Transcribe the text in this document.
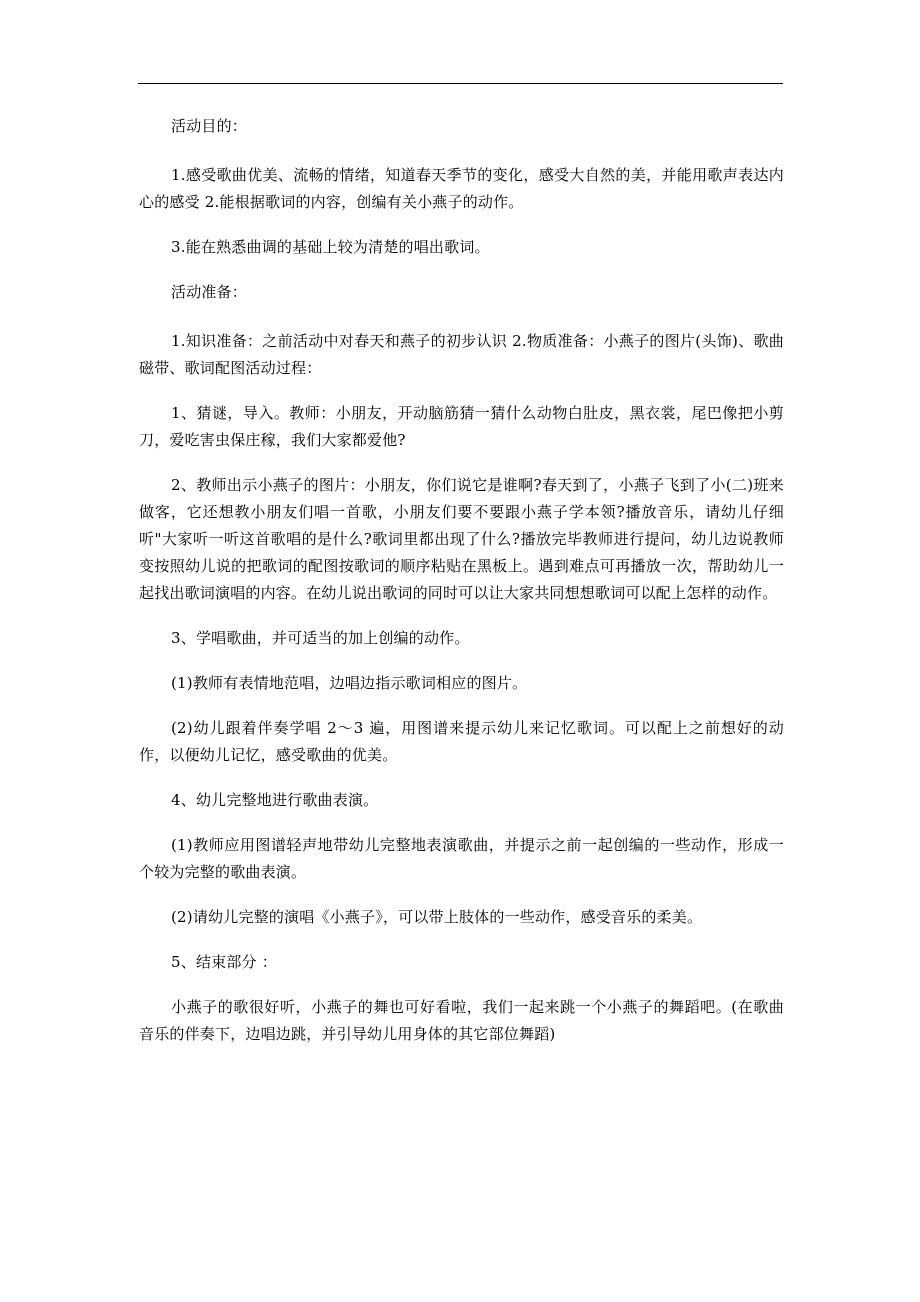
活动目的：

1.感受歌曲优美、流畅的情绪，知道春天季节的变化，感受大自然的美，并能用歌声表达内心的感受 2.能根据歌词的内容，创编有关小燕子的动作。

3.能在熟悉曲调的基础上较为清楚的唱出歌词。

活动准备：

1.知识准备：之前活动中对春天和燕子的初步认识 2.物质准备：小燕子的图片(头饰)、歌曲磁带、歌词配图活动过程：

1、猜谜，导入。教师：小朋友，开动脑筋猜一猜什么动物白肚皮，黑衣裳，尾巴像把小剪刀，爱吃害虫保庄稼，我们大家都爱他?

2、教师出示小燕子的图片：小朋友，你们说它是谁啊?春天到了，小燕子飞到了小(二)班来做客，它还想教小朋友们唱一首歌，小朋友们要不要跟小燕子学本领?播放音乐，请幼儿仔细听"大家听一听这首歌唱的是什么?歌词里都出现了什么?播放完毕教师进行提问，幼儿边说教师变按照幼儿说的把歌词的配图按歌词的顺序粘贴在黑板上。遇到难点可再播放一次，帮助幼儿一起找出歌词演唱的内容。在幼儿说出歌词的同时可以让大家共同想想歌词可以配上怎样的动作。

3、学唱歌曲，并可适当的加上创编的动作。

(1)教师有表情地范唱，边唱边指示歌词相应的图片。

(2)幼儿跟着伴奏学唱 2～3 遍，用图谱来提示幼儿来记忆歌词。可以配上之前想好的动作，以便幼儿记忆，感受歌曲的优美。

4、幼儿完整地进行歌曲表演。

(1)教师应用图谱轻声地带幼儿完整地表演歌曲，并提示之前一起创编的一些动作，形成一个较为完整的歌曲表演。

(2)请幼儿完整的演唱《小燕子》，可以带上肢体的一些动作，感受音乐的柔美。

5、结束部分 ：

小燕子的歌很好听，小燕子的舞也可好看啦，我们一起来跳一个小燕子的舞蹈吧。(在歌曲音乐的伴奏下，边唱边跳，并引导幼儿用身体的其它部位舞蹈)
